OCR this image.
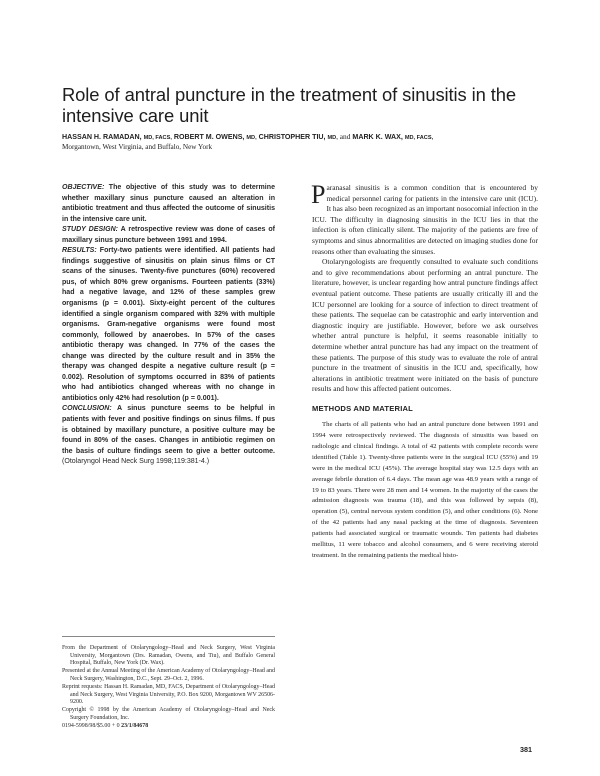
Role of antral puncture in the treatment of sinusitis in the intensive care unit
HASSAN H. RAMADAN, MD, FACS, ROBERT M. OWENS, MD, CHRISTOPHER TIU, MD, and MARK K. WAX, MD, FACS,
Morgantown, West Virginia, and Buffalo, New York

OBJECTIVE: The objective of this study was to determine whether maxillary sinus puncture caused an alteration in antibiotic treatment and thus affected the outcome of sinusitis in the intensive care unit.

STUDY DESIGN: A retrospective review was done of cases of maxillary sinus puncture between 1991 and 1994.

RESULTS: Forty-two patients were identified. All patients had findings suggestive of sinusitis on plain sinus films or CT scans of the sinuses. Twenty-five punctures (60%) recovered pus, of which 80% grew organisms. Fourteen patients (33%) had a negative lavage, and 12% of these samples grew organisms (p = 0.001). Sixty-eight percent of the cultures identified a single organism compared with 32% with multiple organisms. Gram-negative organisms were found most commonly, followed by anaerobes. In 57% of the cases antibiotic therapy was changed. In 77% of the cases the change was directed by the culture result and in 35% the therapy was changed despite a negative culture result (p = 0.002). Resolution of symptoms occurred in 83% of patients who had antibiotics changed whereas with no change in antibiotics only 42% had resolution (p = 0.001).

CONCLUSION: A sinus puncture seems to be helpful in patients with fever and positive findings on sinus films. If pus is obtained by maxillary puncture, a positive culture may be found in 80% of the cases. Changes in antibiotic regimen on the basis of culture findings seem to give a better outcome. (Otolaryngol Head Neck Surg 1998;119:381-4.)

From the Department of Otolaryngology–Head and Neck Surgery, West Virginia University, Morgantown (Drs. Ramadan, Owens, and Tiu), and Buffalo General Hospital, Buffalo, New York (Dr. Wax).

Presented at the Annual Meeting of the American Academy of Otolaryngology–Head and Neck Surgery, Washington, D.C., Sept. 29–Oct. 2, 1996.

Reprint requests: Hassan H. Ramadan, MD, FACS, Department of Otolaryngology–Head and Neck Surgery, West Virginia University, P.O. Box 9200, Morgantown WV 26506-9200.

Copyright © 1998 by the American Academy of Otolaryngology–Head and Neck Surgery Foundation, Inc.

0194-5998/98/$5.00 + 0 23/1/84678

Paranasal sinusitis is a common condition that is encountered by medical personnel caring for patients in the intensive care unit (ICU). It has also been recognized as an important nosocomial infection in the ICU. The difficulty in diagnosing sinusitis in the ICU lies in that the infection is often clinically silent. The majority of the patients are free of symptoms and sinus abnormalities are detected on imaging studies done for reasons other than evaluating the sinuses.

Otolaryngologists are frequently consulted to evaluate such conditions and to give recommendations about performing an antral puncture. The literature, however, is unclear regarding how antral puncture findings affect eventual patient outcome. These patients are usually critically ill and the ICU personnel are looking for a source of infection to direct treatment of these patients. The sequelae can be catastrophic and early intervention and diagnostic inquiry are justifiable. However, before we ask ourselves whether antral puncture is helpful, it seems reasonable initially to determine whether antral puncture has had any impact on the treatment of these patients. The purpose of this study was to evaluate the role of antral puncture in the treatment of sinusitis in the ICU and, specifically, how alterations in antibiotic treatment were initiated on the basis of puncture results and how this affected patient outcomes.

METHODS AND MATERIAL

The charts of all patients who had an antral puncture done between 1991 and 1994 were retrospectively reviewed. The diagnosis of sinusitis was based on radiologic and clinical findings. A total of 42 patients with complete records were identified (Table 1). Twenty-three patients were in the surgical ICU (55%) and 19 were in the medical ICU (45%). The average hospital stay was 12.5 days with an average febrile duration of 6.4 days. The mean age was 48.9 years with a range of 19 to 83 years. There were 28 men and 14 women. In the majority of the cases the admission diagnosis was trauma (18), and this was followed by sepsis (8), operation (5), central nervous system condition (5), and other conditions (6). None of the 42 patients had any nasal packing at the time of diagnosis. Seventeen patients had associated surgical or traumatic wounds. Ten patients had diabetes mellitus, 11 were tobacco and alcohol consumers, and 6 were receiving steroid treatment. In the remaining patients the medical histo-

381
